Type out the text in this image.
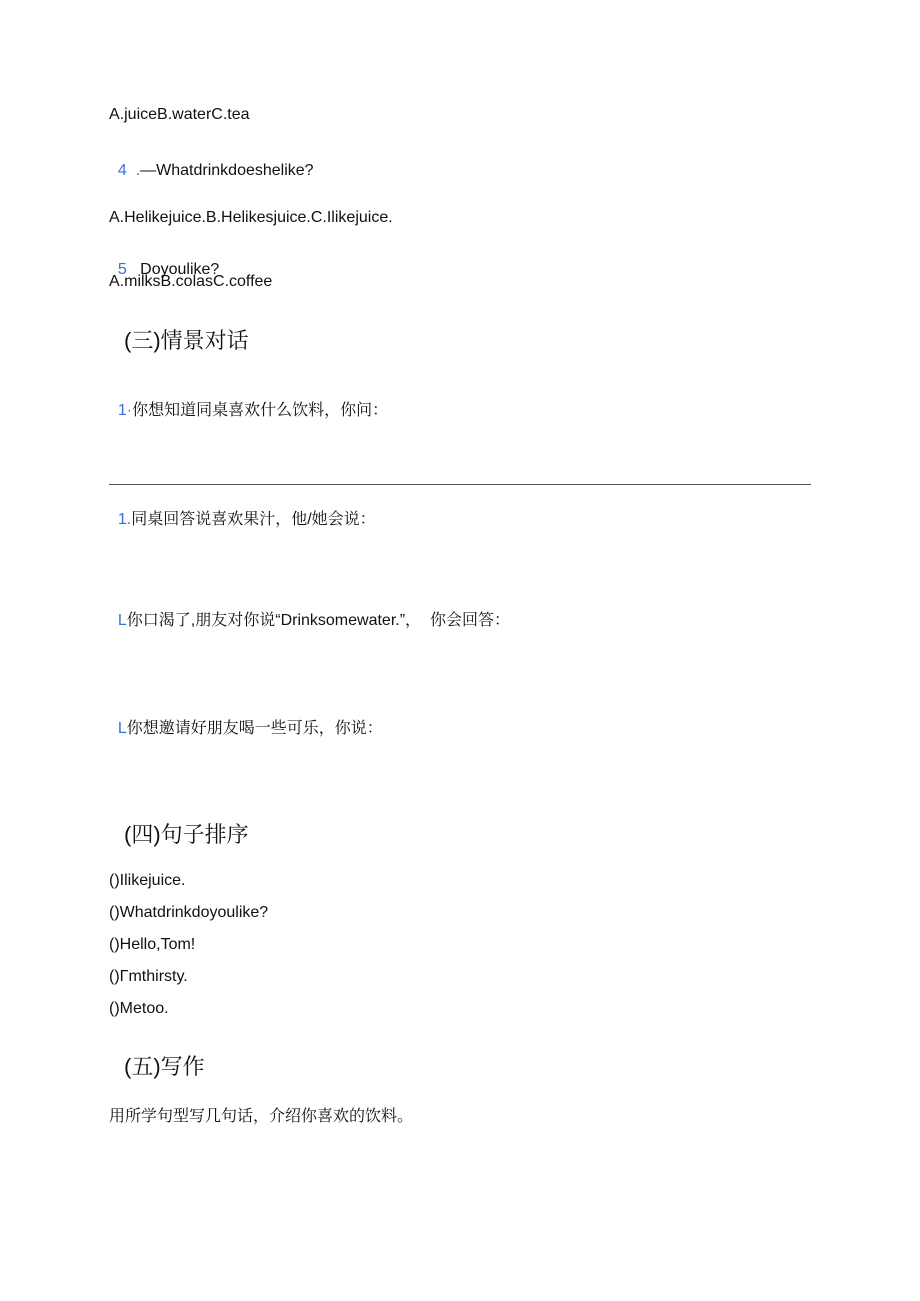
A.juiceB.waterC.tea

4  .—Whatdrinkdoeshelike?

A.Helikejuice.B.Helikesjuice.C.Ilikejuice.

5 Doyoulike?

A.milksB.colasC.coffee
(三)情景对话

1·你想知道同桌喜欢什么饮料，你问：

1.同桌回答说喜欢果汁，他/她会说：

L你口渴了,朋友对你说“Drinksomewater.”，  你会回答：

L你想邀请好朋友喝一些可乐，你说：

(四)句子排序
()Ilikejuice.
()Whatdrinkdoyoulike?
()Hello,Tom!
()Γmthirsty.
()Metoo.
(五)写作
用所学句型写几句话，介绍你喜欢的饮料。
